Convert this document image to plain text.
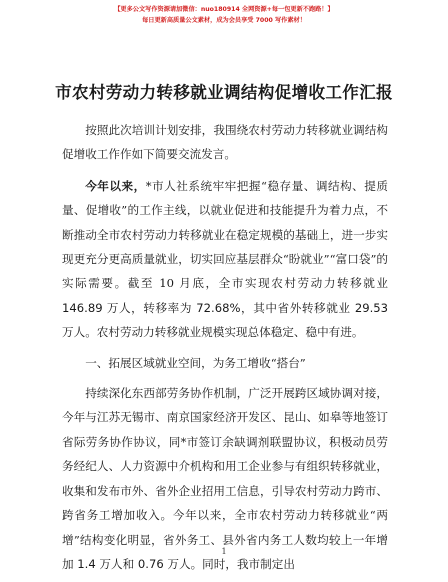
【更多公文写作资源请加微信：nuo180914 全网资源+每一包更新不跑路！】
每日更新高质量公文素材，成为会员享受 7000 写作素材！
市农村劳动力转移就业调结构促增收工作汇报

按照此次培训计划安排，我围绕农村劳动力转移就业调结构促增收工作作如下简要交流发言。

今年以来，*市人社系统牢牢把握“稳存量、调结构、提质量、促增收”的工作主线，以就业促进和技能提升为着力点，不断推动全市农村劳动力转移就业在稳定规模的基础上，进一步实现更充分更高质量就业，切实回应基层群众“盼就业”“富口袋”的实际需要。截至 10 月底，全市实现农村劳动力转移就业 146.89 万人，转移率为 72.68%，其中省外转移就业 29.53 万人。农村劳动力转移就业规模实现总体稳定、稳中有进。

一、拓展区域就业空间，为务工增收“搭台”

持续深化东西部劳务协作机制，广泛开展跨区域协调对接，今年与江苏无锡市、南京国家经济开发区、昆山、如皋等地签订省际劳务协作协议，同*市签订余缺调剂联盟协议，积极动员劳务经纪人、人力资源中介机构和用工企业参与有组织转移就业，收集和发布市外、省外企业招用工信息，引导农村劳动力跨市、跨省务工增加收入。今年以来，全市农村劳动力转移就业“两增”结构变化明显，省外务工、县外省内务工人数均较上一年增加 1.4 万人和 0.76 万人。同时，我市制定出

1
